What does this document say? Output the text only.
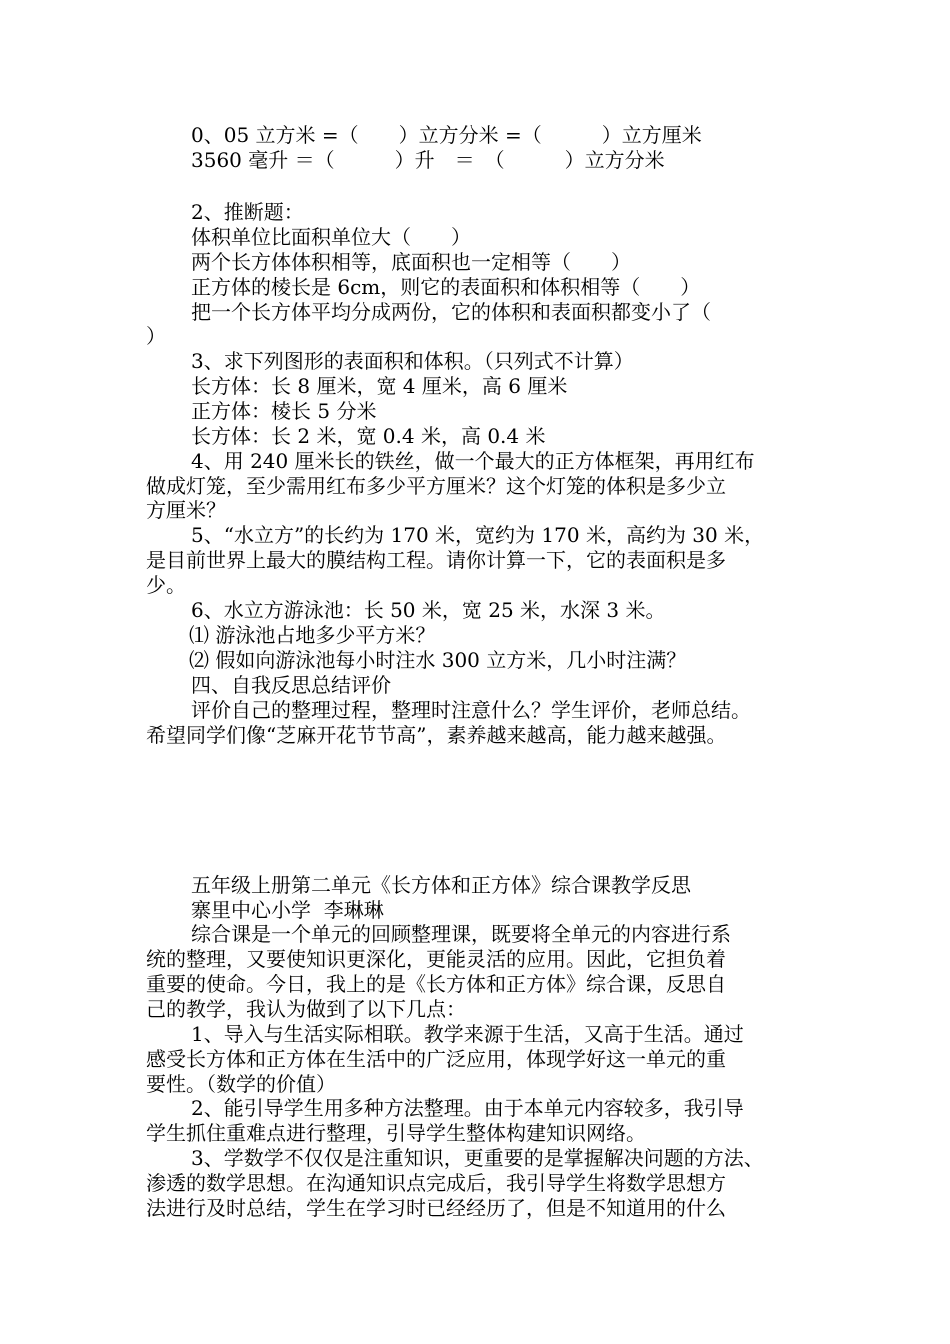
0、05 立方米 =（　　）立方分米 =（　　　）立方厘米
3560 毫升 ＝（　　　）升　＝　（　　　）立方分米
2、推断题：
体积单位比面积单位大（　　）
两个长方体体积相等，底面积也一定相等（　　）
正方体的棱长是 6cm，则它的表面积和体积相等（　　）
把一个长方体平均分成两份，它的体积和表面积都变小了（
）
3、求下列图形的表面积和体积。（只列式不计算）
长方体：长 8 厘米，宽 4 厘米，高 6 厘米
正方体：棱长 5 分米
长方体：长 2 米，宽 0.4 米，高 0.4 米
4、用 240 厘米长的铁丝，做一个最大的正方体框架，再用红布
做成灯笼，至少需用红布多少平方厘米？这个灯笼的体积是多少立
方厘米？
5、“水立方”的长约为 170 米，宽约为 170 米，高约为 30 米，
是目前世界上最大的膜结构工程。请你计算一下，它的表面积是多
少。
6、水立方游泳池：长 50 米，宽 25 米，水深 3 米。
⑴ 游泳池占地多少平方米？
⑵ 假如向游泳池每小时注水 300 立方米，几小时注满？
四、自我反思总结评价
评价自己的整理过程，整理时注意什么？学生评价，老师总结。
希望同学们像“芝麻开花节节高”，素养越来越高，能力越来越强。
五年级上册第二单元《长方体和正方体》综合课教学反思
寨里中心小学  李琳琳
综合课是一个单元的回顾整理课，既要将全单元的内容进行系
统的整理，又要使知识更深化，更能灵活的应用。因此，它担负着
重要的使命。今日，我上的是《长方体和正方体》综合课，反思自
己的教学，我认为做到了以下几点：
1、导入与生活实际相联。教学来源于生活，又高于生活。通过
感受长方体和正方体在生活中的广泛应用，体现学好这一单元的重
要性。（数学的价值）
2、能引导学生用多种方法整理。由于本单元内容较多，我引导
学生抓住重难点进行整理，引导学生整体构建知识网络。
3、学数学不仅仅是注重知识，更重要的是掌握解决问题的方法、
渗透的数学思想。在沟通知识点完成后，我引导学生将数学思想方
法进行及时总结，学生在学习时已经经历了，但是不知道用的什么
